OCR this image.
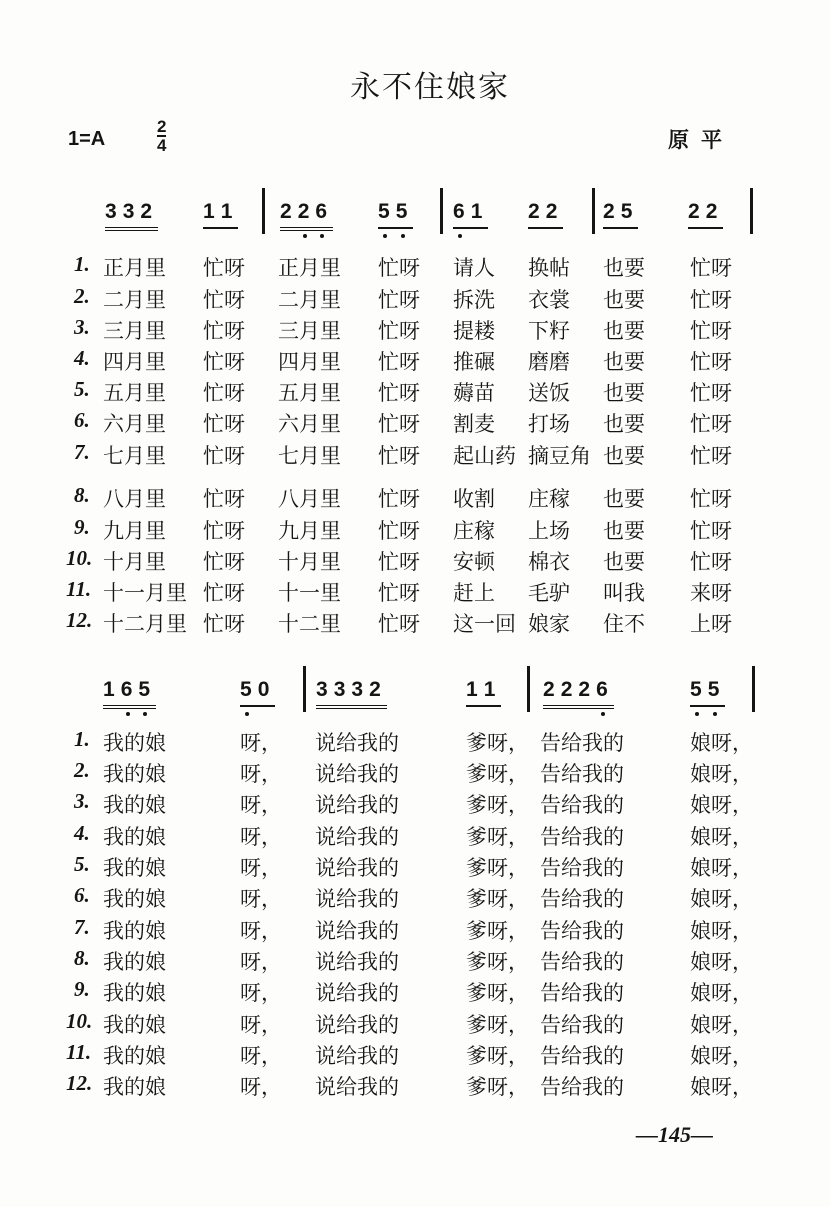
永不住娘家
1=A	$\frac{2}{4}$	原平
332 11 226 55 61 22 25 22
1. 正月里 忙呀 正月里 忙呀 请人 换帖 也要 忙呀
2. 二月里 忙呀 二月里 忙呀 拆洗 衣裳 也要 忙呀
3. 三月里 忙呀 三月里 忙呀 提耧 下籽 也要 忙呀
4. 四月里 忙呀 四月里 忙呀 推碾 磨磨 也要 忙呀
5. 五月里 忙呀 五月里 忙呀 薅苗 送饭 也要 忙呀
6. 六月里 忙呀 六月里 忙呀 割麦 打场 也要 忙呀
7. 七月里 忙呀 七月里 忙呀 起山药 摘豆角 也要 忙呀
8. 八月里 忙呀 八月里 忙呀 收割 庄稼 也要 忙呀
9. 九月里 忙呀 九月里 忙呀 庄稼 上场 也要 忙呀
10. 十月里 忙呀 十月里 忙呀 安顿 棉衣 也要 忙呀
11. 十一月里 忙呀 十一里 忙呀 赶上 毛驴 叫我 来呀
12. 十二月里 忙呀 十二里 忙呀 这一回 娘家 住不 上呀
165	50 3332	11 2226	55
1. 我的娘	呀， 说给我的	爹呀， 告给我的	娘呀，
2. 我的娘	呀， 说给我的	爹呀， 告给我的	娘呀，
3. 我的娘	呀， 说给我的	爹呀， 告给我的	娘呀，
4. 我的娘	呀， 说给我的	爹呀， 告给我的	娘呀，
5. 我的娘	呀， 说给我的	爹呀， 告给我的	娘呀，
6. 我的娘	呀， 说给我的	爹呀， 告给我的	娘呀，
7. 我的娘	呀， 说给我的	爹呀， 告给我的	娘呀，
8. 我的娘	呀， 说给我的	爹呀， 告给我的	娘呀，
9. 我的娘	呀， 说给我的	爹呀， 告给我的	娘呀，
10. 我的娘	呀， 说给我的	爹呀， 告给我的	娘呀，
11. 我的娘	呀， 说给我的	爹呀， 告给我的	娘呀，
12. 我的娘	呀， 说给我的	爹呀， 告给我的	娘呀，
—145—
